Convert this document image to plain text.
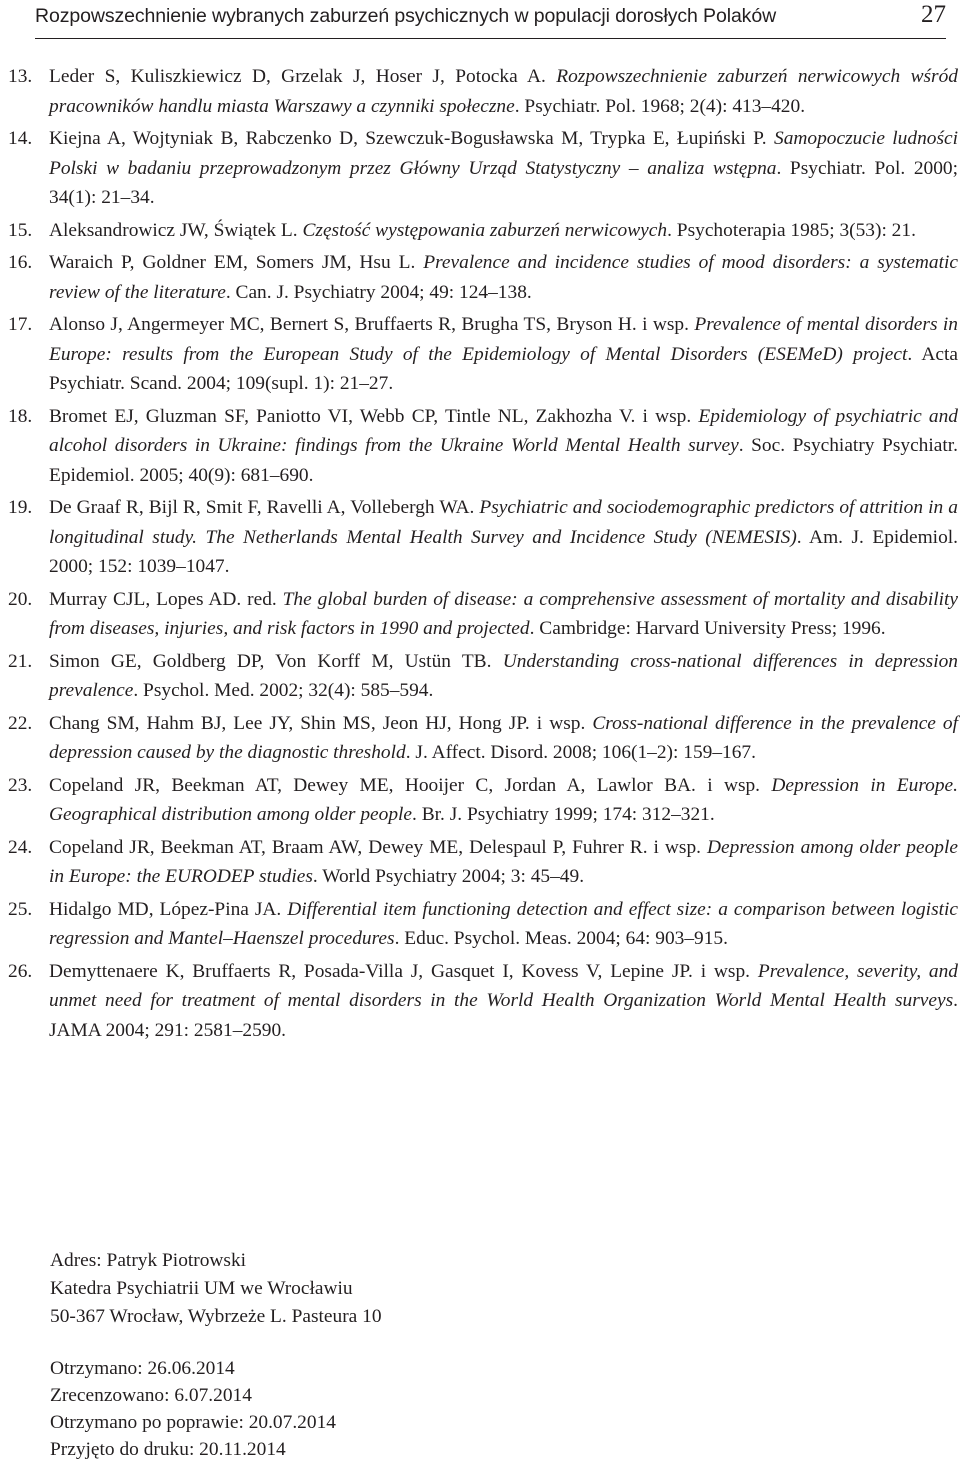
Rozpowszechnienie wybranych zaburzeń psychicznych w populacji dorosłych Polaków	27
13. Leder S, Kuliszkiewicz D, Grzelak J, Hoser J, Potocka A. Rozpowszechnienie zaburzeń nerwicowych wśród pracowników handlu miasta Warszawy a czynniki społeczne. Psychiatr. Pol. 1968; 2(4): 413–420.
14. Kiejna A, Wojtyniak B, Rabczenko D, Szewczuk-Bogusławska M, Trypka E, Łupiński P. Samopoczucie ludności Polski w badaniu przeprowadzonym przez Główny Urząd Statystyczny – analiza wstępna. Psychiatr. Pol. 2000; 34(1): 21–34.
15. Aleksandrowicz JW, Świątek L. Częstość występowania zaburzeń nerwicowych. Psychoterapia 1985; 3(53): 21.
16. Waraich P, Goldner EM, Somers JM, Hsu L. Prevalence and incidence studies of mood disorders: a systematic review of the literature. Can. J. Psychiatry 2004; 49: 124–138.
17. Alonso J, Angermeyer MC, Bernert S, Bruffaerts R, Brugha TS, Bryson H. i wsp. Prevalence of mental disorders in Europe: results from the European Study of the Epidemiology of Mental Disorders (ESEMeD) project. Acta Psychiatr. Scand. 2004; 109(supl. 1): 21–27.
18. Bromet EJ, Gluzman SF, Paniotto VI, Webb CP, Tintle NL, Zakhozha V. i wsp. Epidemiology of psychiatric and alcohol disorders in Ukraine: findings from the Ukraine World Mental Health survey. Soc. Psychiatry Psychiatr. Epidemiol. 2005; 40(9): 681–690.
19. De Graaf R, Bijl R, Smit F, Ravelli A, Vollebergh WA. Psychiatric and sociodemographic predictors of attrition in a longitudinal study. The Netherlands Mental Health Survey and Incidence Study (NEMESIS). Am. J. Epidemiol. 2000; 152: 1039–1047.
20. Murray CJL, Lopes AD. red. The global burden of disease: a comprehensive assessment of mortality and disability from diseases, injuries, and risk factors in 1990 and projected. Cambridge: Harvard University Press; 1996.
21. Simon GE, Goldberg DP, Von Korff M, Ustün TB. Understanding cross-national differences in depression prevalence. Psychol. Med. 2002; 32(4): 585–594.
22. Chang SM, Hahm BJ, Lee JY, Shin MS, Jeon HJ, Hong JP. i wsp. Cross-national difference in the prevalence of depression caused by the diagnostic threshold. J. Affect. Disord. 2008; 106(1–2): 159–167.
23. Copeland JR, Beekman AT, Dewey ME, Hooijer C, Jordan A, Lawlor BA. i wsp. Depression in Europe. Geographical distribution among older people. Br. J. Psychiatry 1999; 174: 312–321.
24. Copeland JR, Beekman AT, Braam AW, Dewey ME, Delespaul P, Fuhrer R. i wsp. Depression among older people in Europe: the EURODEP studies. World Psychiatry 2004; 3: 45–49.
25. Hidalgo MD, López-Pina JA. Differential item functioning detection and effect size: a comparison between logistic regression and Mantel–Haenszel procedures. Educ. Psychol. Meas. 2004; 64: 903–915.
26. Demyttenaere K, Bruffaerts R, Posada-Villa J, Gasquet I, Kovess V, Lepine JP. i wsp. Prevalence, severity, and unmet need for treatment of mental disorders in the World Health Organization World Mental Health surveys. JAMA 2004; 291: 2581–2590.
Adres: Patryk Piotrowski
Katedra Psychiatrii UM we Wrocławiu
50-367 Wrocław, Wybrzeże L. Pasteura 10
Otrzymano: 26.06.2014
Zrecenzowano: 6.07.2014
Otrzymano po poprawie: 20.07.2014
Przyjęto do druku: 20.11.2014
